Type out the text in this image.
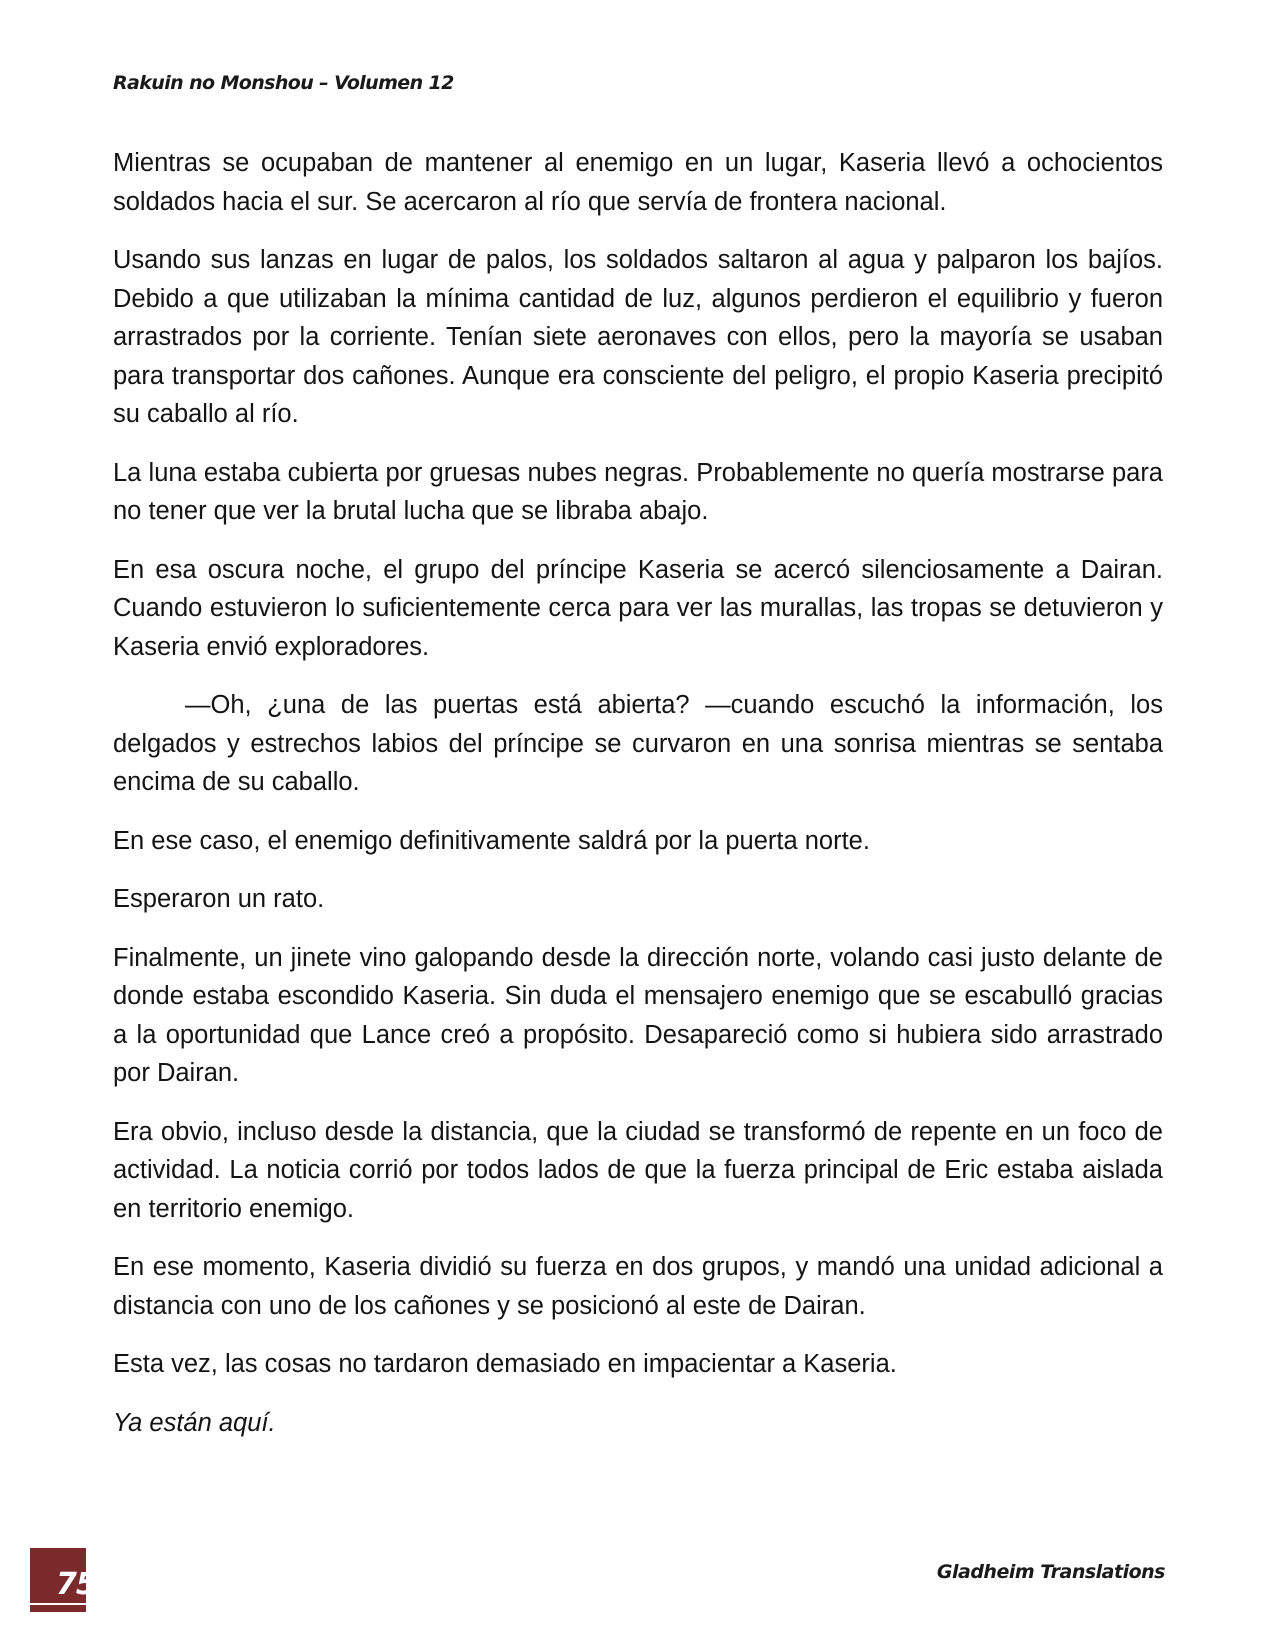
Rakuin no Monshou – Volumen 12

Mientras se ocupaban de mantener al enemigo en un lugar, Kaseria llevó a ochocientos soldados hacia el sur. Se acercaron al río que servía de frontera nacional.

Usando sus lanzas en lugar de palos, los soldados saltaron al agua y palparon los bajíos. Debido a que utilizaban la mínima cantidad de luz, algunos perdieron el equilibrio y fueron arrastrados por la corriente. Tenían siete aeronaves con ellos, pero la mayoría se usaban para transportar dos cañones. Aunque era consciente del peligro, el propio Kaseria precipitó su caballo al río.

La luna estaba cubierta por gruesas nubes negras. Probablemente no quería mostrarse para no tener que ver la brutal lucha que se libraba abajo.

En esa oscura noche, el grupo del príncipe Kaseria se acercó silenciosamente a Dairan. Cuando estuvieron lo suficientemente cerca para ver las murallas, las tropas se detuvieron y Kaseria envió exploradores.

—Oh, ¿una de las puertas está abierta? —cuando escuchó la información, los delgados y estrechos labios del príncipe se curvaron en una sonrisa mientras se sentaba encima de su caballo.

En ese caso, el enemigo definitivamente saldrá por la puerta norte.

Esperaron un rato.

Finalmente, un jinete vino galopando desde la dirección norte, volando casi justo delante de donde estaba escondido Kaseria. Sin duda el mensajero enemigo que se escabulló gracias a la oportunidad que Lance creó a propósito. Desapareció como si hubiera sido arrastrado por Dairan.

Era obvio, incluso desde la distancia, que la ciudad se transformó de repente en un foco de actividad. La noticia corrió por todos lados de que la fuerza principal de Eric estaba aislada en territorio enemigo.

En ese momento, Kaseria dividió su fuerza en dos grupos, y mandó una unidad adicional a distancia con uno de los cañones y se posicionó al este de Dairan.

Esta vez, las cosas no tardaron demasiado en impacientar a Kaseria.

Ya están aquí.

75	Gladheim Translations
